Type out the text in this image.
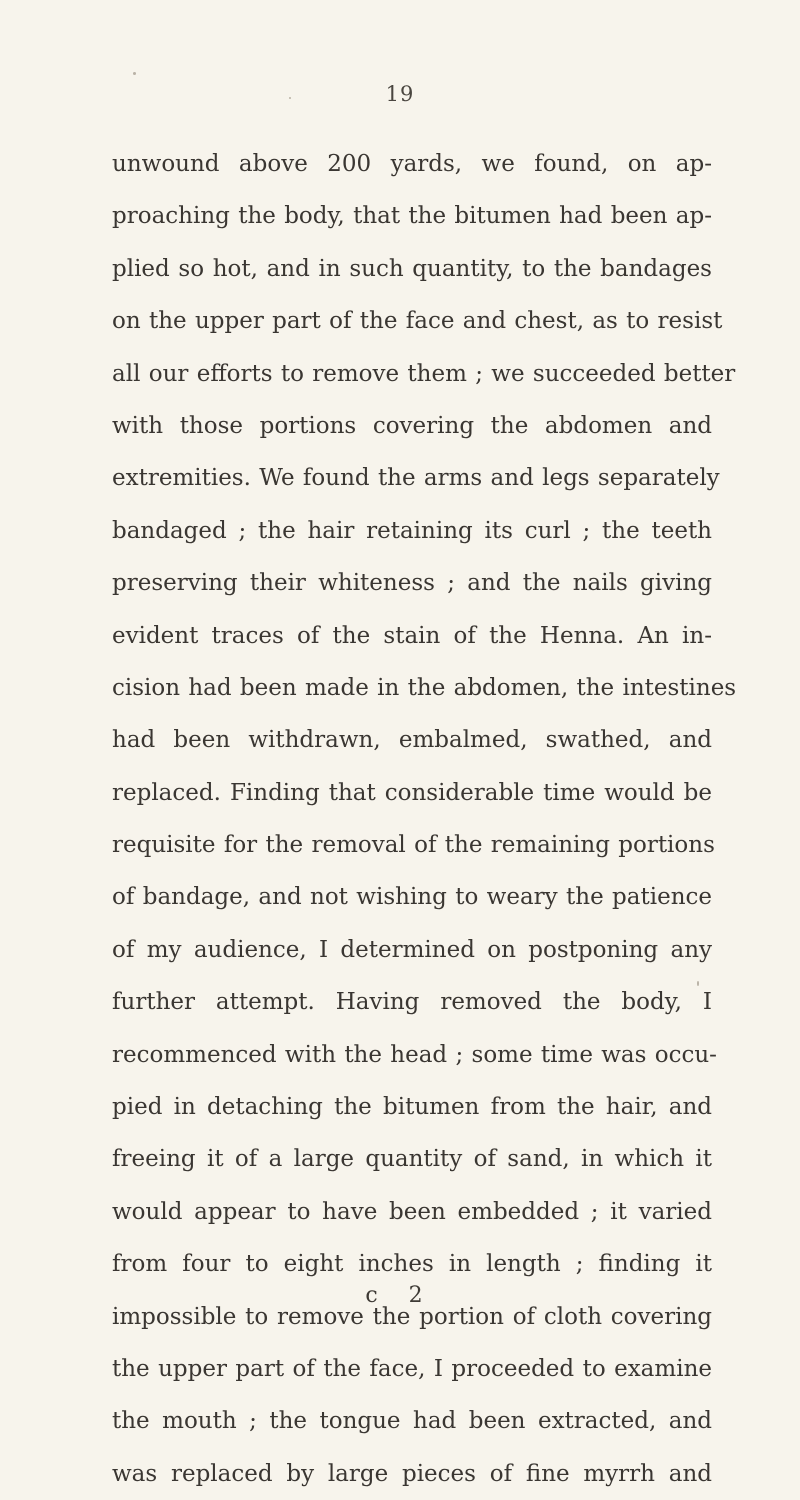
19
unwound above 200 yards, we found, on ap-
proaching the body, that the bitumen had been ap-
plied so hot, and in such quantity, to the bandages
on the upper part of the face and chest, as to resist
all our efforts to remove them ; we succeeded better
with those portions covering the abdomen and
extremities. We found the arms and legs separately
bandaged ; the hair retaining its curl ; the teeth
preserving their whiteness ; and the nails giving
evident traces of the stain of the Henna. An in-
cision had been made in the abdomen, the intestines
had been withdrawn, embalmed, swathed, and
replaced. Finding that considerable time would be
requisite for the removal of the remaining portions
of bandage, and not wishing to weary the patience
of my audience, I determined on postponing any
further attempt. Having removed the body, I
recommenced with the head ; some time was occu-
pied in detaching the bitumen from the hair, and
freeing it of a large quantity of sand, in which it
would appear to have been embedded ; it varied
from four to eight inches in length ; finding it
impossible to remove the portion of cloth covering
the upper part of the face, I proceeded to examine
the mouth ; the tongue had been extracted, and
was replaced by large pieces of fine myrrh and
c 2
